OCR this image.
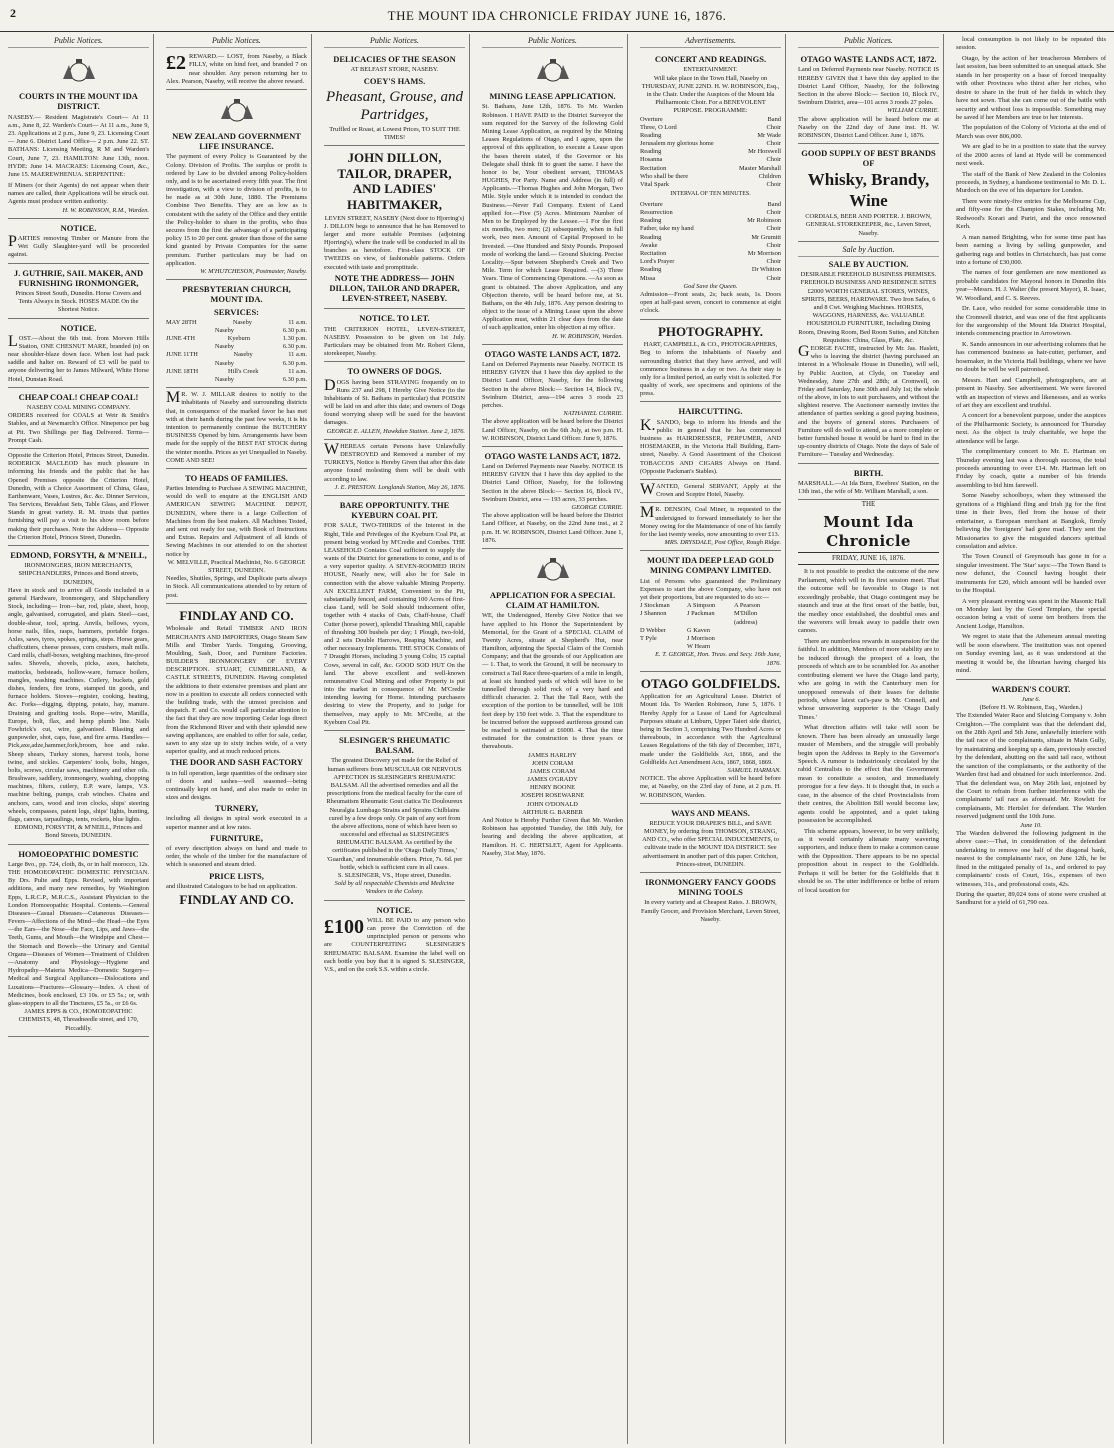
2	THE MOUNT IDA CHRONICLE FRIDAY JUNE 16, 1876.
Public Notices.
COURTS IN THE MOUNT IDA DISTRICT.
NASEBY.— Resident Magistrate's Court— At 11 a.m., June 8, 22. Warden's Court— At 11 a.m., June 9, 23. Applications at 2 p.m., June 9, 23. Licensing Court— June 6. District Land Office— 2 p.m. June 22. ST. BATHANS: Licensing Meeting, R M and Warden's Court, June 7, 23. HAMILTON: June 13th, noon. HYDE: June 14. MACRAES: Licensing Court, &c., June 15. MAEREWHENUA. SERPENTINE:

If Miners (or their Agents) do not appear when their names are called, their Applications will be struck out. Agents must produce written authority.

H. W. ROBINSON, R.M., Warden.
NOTICE.
PARTIES removing Timber or Manure from the Wet Gully Slaughter-yard will be proceeded against.
J. GUTHRIE, SAIL MAKER, AND FURNISHING IRONMONGER,
Princes Street South, Dunedin. Horse Covers and Tents Always in Stock. HOSES MADE On the Shortest Notice.
NOTICE.
LOST.—About the 6th inst. from Morven Hills Station, ONE CHESNUT MARE, branded (n) on near shoulder-blaze down face. When lost had pack saddle and halter on. Reward of £3 will be paid to anyone delivering her to James Milward, White Horse Hotel, Dunstan Road.
CHEAP COAL! CHEAP COAL!
NASEBY COAL MINING COMPANY.
ORDERS received for COALS at Weir & Smith's Stables, and at Newmarch's Office. Ninepence per bag at Pit. Two Shillings per Bag Delivered. Terms—Prompt Cash.
Opposite the Criterion Hotel, Princes Street, Dunedin. RODERICK MACLEOD has much pleasure in informing his friends and the public that he has Opened Premises opposite the Criterion Hotel, Dunedin, with a Choice Assortment of China, Glass, Earthenware, Vases, Lustres, &c. &c. Dinner Services, Tea Services, Breakfast Sets, Table Glass, and Flower Stands in great variety. R. M. trusts that parties furnishing will pay a visit to his show room before making their purchases. Note the Address— Opposite the Criterion Hotel, Princes Street, Dunedin.
EDMOND, FORSYTH, & M'NEILL,
IRONMONGERS, IRON MERCHANTS, SHIPCHANDLERS, Princes and Bond streets, DUNEDIN,
Have in stock and to arrive all Goods included in a general Hardware, Ironmongery, and Shipchandlery Stock, including— Iron—bar, rod, plate, sheet, hoop, angle, galvanised, corrugated, and plain. Steel—cast, double-shear, tool, spring. Anvils, bellows, vyces, horse nails, files, rasps, hammers, portable forges. Axles, saws, tyres, spokes, springs, steps. Horse gears, chaffcutters, cheese presses, corn crushers, malt mills. Card mills, chaff-boxes, weighing machines, fire-proof safes. Shovels, shovels, picks, axes, hatchets, mattocks, bedsteads, hollow-ware, furnace boilers, mangles, washing machines. Cutlery, buckets, gold dishes, fenders, fire irons, stamped tin goods, and furnace holders. Stoves—register, cooking, heating, &c. Forks—digging, dipping, potato, hay, manure. Draining and grafting tools. Rope—wire, Manilla, Europe, bolt, flax, and hemp plumb line. Nails Fowhrick's cut, wire, galvanised. Blasting and gunpowder, shot, caps, fuse, and fire arms. Handles—Pick,axe,adze,hammer,fork,broom, hoe and rake. Sheep shears, Turkey stones, harvest tools, horse twine, and sickles. Carpenters' tools, bolts, hinges, bolts, screws, circular saws, machinery and other oils. Brushware, saddlery, ironmongery, washing, chopping machines, filters, cutlery, E.P. ware, lamps, V.S. machine belting, pumps, crab winches. Chains and anchors, cars, wood and iron clocks, ships' steering wheels, compasses, patent logs, ships' lights, bunting, flags, canvas, tarpaulings, tents, rockets, blue lights.
EDMOND, FORSYTH, & M'NEILL, Princes and Bond Streets, DUNEDIN.
HOMOEOPATHIC DOMESTIC
Large 8vo., pp. 724, cloth, 8s, or in half morocco, 12s. THE HOMOEOPATHIC DOMESTIC PHYSICIAN. By Drs. Pulte and Epps. Revised, with important additions, and many new remedies, by Washington Epps, L.R.C.P., M.R.C.S., Assistant Physician to the London Homoeopathic Hospital. Contents.—General Diseases—Casual Diseases—Cutaneous Diseases—Fevers—Affections of the Mind—the Head—the Eyes—the Ears—the Nose—the Face, Lips, and Jaws—the Teeth, Gums, and Mouth—the Windpipe and Chest—the Stomach and Bowels—the Urinary and Genital Organs—Diseases of Women—Treatment of Children—Anatomy and Physiology—Hygiene and Hydropathy—Materia Medica—Domestic Surgery—Medical and Surgical Appliances—Dislocations and Luxations—Fractures—Glossary—Index. A chest of Medicines, book enclosed, £3 10s. or £5 5s.; or, with glass-stoppers to all the Tinctures, £5 5s., or £6 6s.
JAMES EPPS & CO., HOMOEOPATHIC CHEMISTS, 48, Threadneedle street, and 170, Piccadilly.
Public Notices.
£2 REWARD.— LOST, from Naseby, a Black FILLY, white on hind feet, and branded 7 on near shoulder. Any person returning her to Alex. Pearson, Naseby, will receive the above reward.
NEW ZEALAND GOVERNMENT LIFE INSURANCE.
The payment of every Policy is Guaranteed by the Colony. Division of Profits. The surplus or profit is ordered by Law to be divided among Policy-holders only, and is to be ascertained every fifth year. The first investigation, with a view to division of profits, is to be made as at 30th June, 1880. The Premiums Combine Two Benefits. They are as low as is consistent with the safety of the Office and they entitle the Policy-holder to share in the profits, who thus secures from the first the advantage of a participating policy 15 to 20 per cent. greater than those of the same kind granted by Private Companies for the same premium. Further particulars may be had on application.
W. M'HUTCHESON, Postmaster, Naseby.
PRESBYTERIAN CHURCH, MOUNT IDA.
SERVICES:
MAY 28TH	Naseby	11 a.m.
Naseby	6.30 p.m.
JUNE 4TH	Kyeburn	1.30 p.m.
Naseby	6.30 p.m.
JUNE 11TH	Naseby	11 a.m.
Naseby	6.30 p.m.
JUNE 18TH	Hill's Creek	11 a.m.
Naseby	6.30 p.m.
MR. W. J. MILLAR desires to notify to the inhabitants of Naseby and surrounding districts that, in consequence of the marked favor he has met with at their hands during the past few weeks, it is his intention to permanently continue the BUTCHERY BUSINESS Opened by him. Arrangements have been made for the supply of the BEST FAT STOCK during the winter months. Prices as yet Unequalled in Naseby. COME AND SEE!
TO HEADS OF FAMILIES.
Parties Intending to Purchase A SEWING MACHINE, would do well to enquire at the ENGLISH AND AMERICAN SEWING MACHINE DEPOT, DUNEDIN, where there is a large Collection of Machines from the best makers. All Machines Tested, and sent out ready for use, with Book of Instructions and Extras. Repairs and Adjustment of all kinds of Sewing Machines in our attended to on the shortest notice by
W. MELVILLE, Practical Machinist, No. 6 GEORGE STREET, DUNEDIN.
Needles, Shuttles, Springs, and Duplicate parts always in Stock. All communications attended to by return of post.
FINDLAY AND CO.
Wholesale and Retail TIMBER AND IRON MERCHANTS AND IMPORTERS, Otago Steam Saw Mills and Timber Yards. Tonguing, Grooving, Moulding, Sash, Door, and Furniture Factories. BUILDER'S IRONMONGERY OF EVERY DESCRIPTION. STUART, CUMBERLAND, & CASTLE STREETS, DUNEDIN. Having completed the additions to their extensive premises and plant are now in a position to execute all orders connected with the building trade, with the utmost precision and despatch. F. and Co. would call particular attention to the fact that they are now importing Cedar logs direct from the Richmond River and with their splendid new sawing appliances, are enabled to offer for sale, cedar, sawn to any size up to sixty inches wide, of a very superior quality, and at much reduced prices.
THE DOOR AND SASH FACTORY
is in full operation, large quantities of the ordinary size of doors and sashes—well seasoned—being continually kept on hand, and also made to order in sizes and designs.
TURNERY,
including all designs in spiral work executed in a superior manner and at low rates.
FURNITURE,
of every description always on hand and made to order, the whole of the timber for the manufacture of which is seasoned and steam dried.
PRICE LISTS,
and illustrated Catalogues to be had on application.
FINDLAY AND CO.
Public Notices.
DELICACIES OF THE SEASON
AT BELFAST STORE, NASEBY.
COEY'S HAMS.
Pheasant, Grouse, and Partridges,
Truffled or Roast, at Lowest Prices, TO SUIT THE TIMES!
JOHN DILLON, TAILOR, DRAPER, AND LADIES' HABITMAKER,
LEVEN STREET, NASEBY (Next door to Hjorring's)
J. DILLON begs to announce that he has Removed to larger and more suitable Premises (adjoining Hjorring's), where the trade will be conducted in all its branches as heretofore. First-class STOCK OF TWEEDS on view, of fashionable patterns. Orders executed with taste and promptitude.
NOTE THE ADDRESS— JOHN DILLON, TAILOR AND DRAPER, LEVEN-STREET, NASEBY.
NOTICE. TO LET.
THE CRITERION HOTEL, LEVEN-STREET, NASEBY. Possession to be given on 1st July. Particulars may be obtained from Mr. Robert Glenn, storekeeper, Naseby.
TO OWNERS OF DOGS.
DOGS having been STRAYING frequently on to Runs 237 and 298, I Hereby Give Notice (to the Inhabitants of St. Bathans in particular) that POISON will be laid on and after this date; and owners of Dogs found worrying sheep will be sued for the heaviest damages.
GEORGE E. ALLEN, Hawkdun Station. June 2, 1876.
WHEREAS certain Persons have Unlawfully DESTROYED and Removed a number of my TURKEYS, Notice is Hereby Given that after this date anyone found molesting them will be dealt with according to law.
J. E. PRESTON. Longlands Station, May 26, 1876.
BARE OPPORTUNITY. THE KYEBURN COAL PIT.
FOR SALE, TWO-THIRDS of the Interest in the Right, Title and Privileges of the Kyeburn Coal Pit, at present being worked by M'Credie and Combes. THE LEASEHOLD Contains Coal sufficient to supply the wants of the District for generations to come, and is of a very superior quality. A SEVEN-ROOMED IRON HOUSE, Nearly new, will also be for Sale in connection with the above valuable Mining Property. AN EXCELLENT FARM, Convenient to the Pit, substantially fenced, and containing 100 Acres of first-class Land, will be Sold should inducement offer, together with 4 stacks of Oats, Chaff-house, Chaff Cutter (horse power), splendid Thrashing Mill, capable of thrashing 300 bushels per day; 1 Plough, two-fold, and 2 sets Double Harrows, Reaping Machine, and other necessary Implements. THE STOCK Consists of 7 Draught Horses, including 3 young Colts; 15 capital Cows, several in calf, &c. GOOD SOD HUT On the land. The above excellent and well-known remunerative Coal Mining and other Property is put into the market in consequence of Mr. M'Credie intending leaving for Home. Intending purchasers desiring to view the Property, and to judge for themselves, may apply to Mr. M'Credie, at the Kyeburn Coal Pit.
SLESINGER'S RHEUMATIC BALSAM.
The greatest Discovery yet made for the Relief of human sufferers from MUSCULAR OR NERVOUS AFFECTION IS SLESINGER'S RHEUMATIC BALSAM. All the advertised remedies and all the prescriptions from the medical faculty for the cure of Rheumatism Rheumatic Gout ciatica Tic Douloureux Neuralgia Lumbago Strains and Sprains Chilblains cured by a few drops only. Or pain of any sort from the above affections, none of which have been so successful and effectual as SLESINGER'S RHEUMATIC BALSAM. As certified by the certificates published in the 'Otago Daily Times,' 'Guardian,' and innumerable others. Price, 7s. 6d. per bottle, which is sufficient cure in all cases.
S. SLESINGER, VS., Hope street, Dunedin.
Sold by all respectable Chemists and Medicine Vendors in the Colony.
NOTICE.
£100 WILL BE PAID to any person who can prove the Conviction of the unprincipled person or persons who are COUNTERFEITING SLESINGER'S RHEUMATIC BALSAM. Examine the label well on each bottle you buy that it is signed S. SLESINGER, V.S., and on the cork S.S. within a circle.
Public Notices.
MINING LEASE APPLICATION.
St. Bathans, June 12th, 1876. To Mr. Warden Robinson. I HAVE PAID to the District Surveyor the sum required for the Survey of the following Gold Mining Lease Application, as required by the Mining Leases Regulations of Otago, and I agree, upon the approval of this application, to execute a Lease upon the bases therein stated, if the Governor or his Delegate shall think fit to grant the same. I have the honor to be, Your obedient servant, THOMAS HUGHES, For Party. Name and Address (in full) of Applicants.—Thomas Hughes and John Morgan, Two Mile. Style under which it is intended to conduct the Business.—Never Fail Company. Extent of Land applied for.—Five (5) Acres. Minimum Number of Men to be Employed by the Lessee.—1 For the first six months, two men; (2) subsequently, when in full work, two men. Amount of Capital Proposed to be Invested. —One Hundred and Sixty Pounds. Proposed mode of working the land.— Ground Sluicing. Precise Locality.—Spur between Shepherd's Creek and Two Mile. Term for which Lease Required. —(3) Three Years. Time of Commencing Operations. —As soon as grant is obtained. The above Application, and any Objection thereto, will be heard before me, at St. Bathans, on the 4th July, 1876. Any person desiring to object to the issue of a Mining Lease upon the above Application must, within 21 clear days from the date of such application, enter his objection at my office.
H. W. ROBINSON, Warden.
OTAGO WASTE LANDS ACT, 1872.
Land on Deferred Payments near Naseby. NOTICE IS HEREBY GIVEN that I have this day applied to the District Land Officer, Naseby, for the following Section in the above Block:— Section 14, Block IV., Swinburn District, area—194 acres 3 roods 23 perches.
NATHANIEL CURRIE.
The above application will be heard before the District Land Officer, Naseby, on the 6th July, at two p.m. H. W. ROBINSON, District Land Officer. June 9, 1876.
OTAGO WASTE LANDS ACT, 1872.
Land on Deferred Payments near Naseby. NOTICE IS HEREBY GIVEN that I have this day applied to the District Land Officer, Naseby, for the following Section in the above Block:— Section 16, Block IV., Swinburn District, area — 193 acres, 33 perches.
GEORGE CURRIE.
The above application will be heard before the District Land Officer, at Naseby, on the 22nd June inst., at 2 p.m. H. W. ROBINSON, District Land Officer. June 1, 1876.
APPLICATION FOR A SPECIAL CLAIM AT HAMILTON.
WE, the Undersigned, Hereby Give Notice that we have applied to his Honor the Superintendent by Memorial, for the Grant of a SPECIAL CLAIM of Twenty Acres, situate at Shepherd's Hut, near Hamilton, adjoining the Special Claim of the Cornish Company; and that the grounds of our Application are— 1. That, to work the Ground, it will be necessary to construct a Tail Race three-quarters of a mile in length, at least six hundred yards of which will have to be tunnelled through solid rock of a very hard and difficult character. 2. That the Tail Race, with the exception of the portion to be tunnelled, will be 10ft feet deep by 150 feet wide. 3. That the expenditure to be incurred before the supposed auriferous ground can be reached is estimated at £6000. 4. That the time estimated for the construction is three years or thereabouts.
JAMES HARLHY
JOHN CORAM
JAMES CORAM
JAMES O'GRADY
HENRY BOONE
JOSEPH ROSEWARNE
JOHN O'DONALD
ARTHUR G. BARBER
And Notice is Hereby Further Given that Mr. Warden Robinson has appointed Tuesday, the 18th July, for hearing and deciding the above application, at Hamilton. H. C. HERTSLET, Agent for Applicants. Naseby, 31st May, 1876.
Advertisements.
CONCERT AND READINGS.
ENTERTAINMENT.
Will take place in the Town Hall, Naseby on THURSDAY, JUNE 22ND. H. W. ROBINSON, Esq., in the Chair. Under the Auspices of the Mount Ida Philharmonic Choir. For a BENEVOLENT PURPOSE. PROGRAMME:
Overture	Band
Three, O Lord	Choir
Reading	Mr Wade
Jerusalem my glorious home	Choir
Reading	Mr Horswell
Hosanna	Choir
Recitation	Master Marshall
Who shall be there	Children
Vital Spark	Choir
INTERVAL OF TEN MINUTES.
Overture	Band
Resurrection	Choir
Reading	Mr Robinson
Father, take my hand	Choir
Reading	Mr Grumitt
Awake	Choir
Recitation	Mr Morrison
Lord's Prayer	Choir
Reading	Dr Whitton
Missa	Choir
God Save the Queen.
Admission—Front seats, 2s; back seats, 1s. Doors open at half-past seven, concert to commence at eight o'clock.
PHOTOGRAPHY.
HART, CAMPBELL, & CO., PHOTOGRAPHERS,
Beg to inform the inhabitants of Naseby and surrounding district that they have arrived, and will commence business in a day or two. As their stay is only for a limited period, an early visit is solicited. For quality of work, see specimens and opinions of the press.
HAIRCUTTING.
K.SANDO, begs to inform his friends and the public in general that he has commenced business as HAIRDRESSER, PERFUMER, AND HOSEMAKER, in the Victoria Hall Building, Earn-street, Naseby. A Good Assortment of the Choicest TOBACCOS AND CIGARS Always on Hand. (Opposite Packman's Stables).
WANTED, General SERVANT, Apply at the Crown and Sceptre Hotel, Naseby.
MR. DENSON, Coal Miner, is requested to the undersigned to forward immediately to her the Money owing for the Maintenance of one of his family for the last twenty weeks, now amounting to over £13.
MRS. DRYSDALE, Post Office, Rough Ridge.
MOUNT IDA DEEP LEAD GOLD MINING COMPANY LIMITED.
List of Persons who guaranteed the Preliminary Expenses to start the above Company, who have not yet their proportions, but are requested to do so:—
J Stockman	A Simpson	A Pearson
J Shannon	J Packman	M'Dillon (address)
D Webber	G Kaven
T Pyle	J Morrison
W Hearn
E. T. GEORGE, Hon. Treas. and Secy. 16th June, 1876.
OTAGO GOLDFIELDS.
Application for an Agricultural Lease. District of Mount Ida. To Warden Robinson, June 5, 1876. I Hereby Apply for a Lease of Land for Agricultural Purposes situate at Linburn, Upper Taieri side district, being in Section 3, comprising Two Hundred Acres or thereabouts, in accordance with the Agricultural Leases Regulations of the 6th day of December, 1871, made under the Goldfields Act, 1866, and the Goldfields Act Amendment Acts, 1867, 1868, 1869.
SAMUEL HARMAN.
NOTICE. The above Application will be heard before me, at Naseby, on the 23rd day of June, at 2 p.m. H. W. ROBINSON, Warden.
WAYS AND MEANS.
REDUCE YOUR DRAPER'S BILL, and SAVE MONEY, by ordering from THOMSON, STRANG, AND CO., who offer SPECIAL INDUCEMENTS, to cultivate trade in the MOUNT IDA DISTRICT. See advertisement in another part of this paper. Critchon, Princes-street, DUNEDIN.
IRONMONGERY FANCY GOODS MINING TOOLS
In every variety and at Cheapest Rates. J. BROWN, Family Grocer, and Provision Merchant, Leven Street, Naseby.
Public Notices.
OTAGO WASTE LANDS ACT, 1872.
Land on Deferred Payments near Naseby. NOTICE IS HEREBY GIVEN that I have this day applied to the District Land Officer, Naseby, for the following Section in the above Block:— Section 10, Block IV., Swinburn District, area—101 acres 3 roods 27 poles.
WILLIAM CURRIE.
The above application will be heard before me at Naseby on the 22nd day of June inst. H. W. ROBINSON, District Land Officer. June 1, 1876.
GOOD SUPPLY OF BEST BRANDS OF
Whisky, Brandy, Wine
CORDIALS, BEER AND PORTER. J. BROWN, GENERAL STOREKEEPER, &c., Leven Street, Naseby.
Sale by Auction.
SALE BY AUCTION.
DESIRABLE FREEHOLD BUSINESS PREMISES. FREEHOLD BUSINESS AND RESIDENCE SITES £2000 WORTH GENERAL STORES, WINES, SPIRITS, BEERS, HARDWARE. Two Iron Safes, 6 and 8 Cwt. Weighing Machines. HORSES, WAGGONS, HARNESS, &c. VALUABLE HOUSEHOLD FURNITURE, Including Dining Room, Drawing Room, Bed Room Suites, and Kitchen Requisites: China, Glass, Plate, &c.
GEORGE FACHE, instructed by Mr. Jas. Haslett, who is leaving the district (having purchased an interest in a Wholesale House in Dunedin), will sell, by Public Auction, at Clyde, on Tuesday and Wednesday, June 27th and 28th; at Cromwell, on Friday and Saturday, June 30th and July 1st; the whole of the above, in lots to suit purchasers, and without the slightest reserve. The Auctioneer earnestly invites the attendance of parties seeking a good paying business, and the buyers of general stores. Purchasers of Furniture will do well to attend, as a more complete or better furnished house it would be hard to find in the up-country districts of Otago. Note the days of Sale of Furniture— Tuesday and Wednesday.
BIRTH.
MARSHALL.—At Ida Burn, Ewebres' Station, on the 13th inst., the wife of Mr. William Marshall, a son.
THE
Mount Ida Chronicle
FRIDAY, JUNE 16, 1876.

It is not possible to predict the outcome of the new Parliament, which will in its first session meet. That the outcome will be favorable to Otago is not exceedingly probable, that Otago contingent may be staunch and true at the first onset of the battle, but, the medley once established, the doubtful ones and the waverers will break away to paddle their own canoes.

There are numberless rewards in suspension for the faithful. In addition, Members of more stability are to be induced through the prospect of a loan, the proceeds of which are to be scrambled for. As another contributing element we have the Otago land party, who are going in with the Canterbury men for unopposed renewals of their leases for definite periods, whose latest cat's-paw is Mr. Connell, and whose unwavering supporter is the 'Otago Daily Times.'

What direction affairs will take will soon be known. There has been already an unusually large muster of Members, and the struggle will probably begin upon the Address in Reply to the Governor's Speech. A rumour is industriously circulated by the rabid Centralists to the effect that the Government mean to constitute a session, and immediately prorogue for a few days. It is thought that, in such a case, in the absence of the chief Provincialists from their centres, the Abolition Bill would become law, agents could be appointed, and a quiet taking possession be accomplished.

This scheme appears, however, to be very unlikely, as it would certainly alienate many wavering supporters, and induce them to make a common cause with the Opposition. There appears to be no special proposition about in respect to the Goldfields. Perhaps it will be better for the Goldfields that it should be so. The utter indifference or bribe of return of local taxation for

local consumption is not likely to be repeated this session.

Otago, by the action of her treacherous Members of last session, has been submitted to an unequal attack. She stands in her prosperity on a base of forced inequality with other Provinces who thirst after her riches, who desire to share in the fruit of her fields in which they have not sown. That she can come out of the battle with security and without loss is impossible. Something may be saved if her Members are true to her interests.

The population of the Colony of Victoria at the end of March was over 806,000.

We are glad to be in a position to state that the survey of the 2000 acres of land at Hyde will be commenced next week.

The staff of the Bank of New Zealand in the Colonies proceeds, in Sydney, a handsome testimonial to Mr. D. L. Murdoch on the eve of his departure for London.

There were ninety-five entries for the Melbourne Cup, and fifty-one for the Champion Stakes, including Mr. Redwood's Korari and Puriri, and the once renowned Kerh.

A man named Brighting, who for some time past has been earning a living by selling gunpowder, and gathering rags and bottles in Christchurch, has just come into a fortune of £30,000.

The names of four gentlemen are now mentioned as probable candidates for Mayoral honors in Dunedin this year—Messrs. H. J. Walter (the present Mayor), R. Isaac, W. Woodland, and C. S. Reeves.

Dr. Lace, who resided for some considerable time in the Cromwell district, and was one of the first applicants for the surgeonship of the Mount Ida District Hospital, intends commencing practice in Arrowtown.

K. Sando announces in our advertising columns that he has commenced business as hair-cutter, perfumer, and hosemaker, in the Victoria Hall buildings, where we have no doubt he will be well patronised.

Messrs. Hart and Campbell, photographers, are at present in Naseby. See advertisement. We were favored with an inspection of views and likenesses, and as works of art they are excellent and truthful.

A concert for a benevolent purpose, under the auspices of the Philharmonic Society, is announced for Thursday next. As the object is truly charitable, we hope the attendance will be large.

The complimentary concert to Mr. E. Hartman on Thursday evening last was a thorough success, the total proceeds amounting to over £14. Mr. Hartman left on Friday by coach, quite a number of his friends assembling to bid him farewell.

Some Naseby schoolboys, when they witnessed the gyrations of a Highland fling and Irish jig for the first time in their lives, fled from the house of their entertainer, a European merchant at Bangkok, firmly believing the 'foreigners' had gone mad. They sent the Missionaries to give the misguided dancers spiritual consolation and advice.

The Town Council of Greymouth has gone in for a singular investment. The 'Star' says:—The Town Band is now defunct, the Council having bought their instruments for £20, which amount will be handed over to the Hospital.

A very pleasant evening was spent in the Masonic Hall on Monday last by the Good Templars, the special occasion being a visit of some ten brothers from the Ancient Lodge, Hamilton.

We regret to state that the Atheneum annual meeting will be soon elsewhere. The institution was not opened on Sunday evening last, as it was understood at the meeting it would be, the librarian having charged his mind.

WARDEN'S COURT.
June 6.
(Before H. W. Robinson, Esq., Warden.)
The Extended Water Race and Sluicing Company v. John Creighton.—The complaint was that the defendant did, on the 28th April and 5th June, unlawfully interfere with the tail race of the complainants, situate in Main Gully, by maintaining and keeping up a dam, previously erected by the defendant, abutting on the said tail race, without the sanction of the complainants, or the authority of the Warden first had and obtained for such interference. 2nd. That the defendant was, on May 26th last, enjoined by the Court to refrain from further interference with the complainants' tail race as aforesaid. Mr. Rowlett for complainants, Mr. Hertslet for defendant. The Warden reserved judgment until the 10th June.
June 10.
The Warden delivered the following judgment in the above case:—That, in consideration of the defendant undertaking to remove one half of the diagonal bank, nearest to the complainants' race, on June 12th, he be fined in the mitigated penalty of 1s., and ordered to pay complainants' costs of Court, 16s., expenses of two witnesses, 31s., and professional costs, 42s.
During the quarter, 89,024 tons of stone were crushed at Sandhurst for a yield of 61,790 ozs.
